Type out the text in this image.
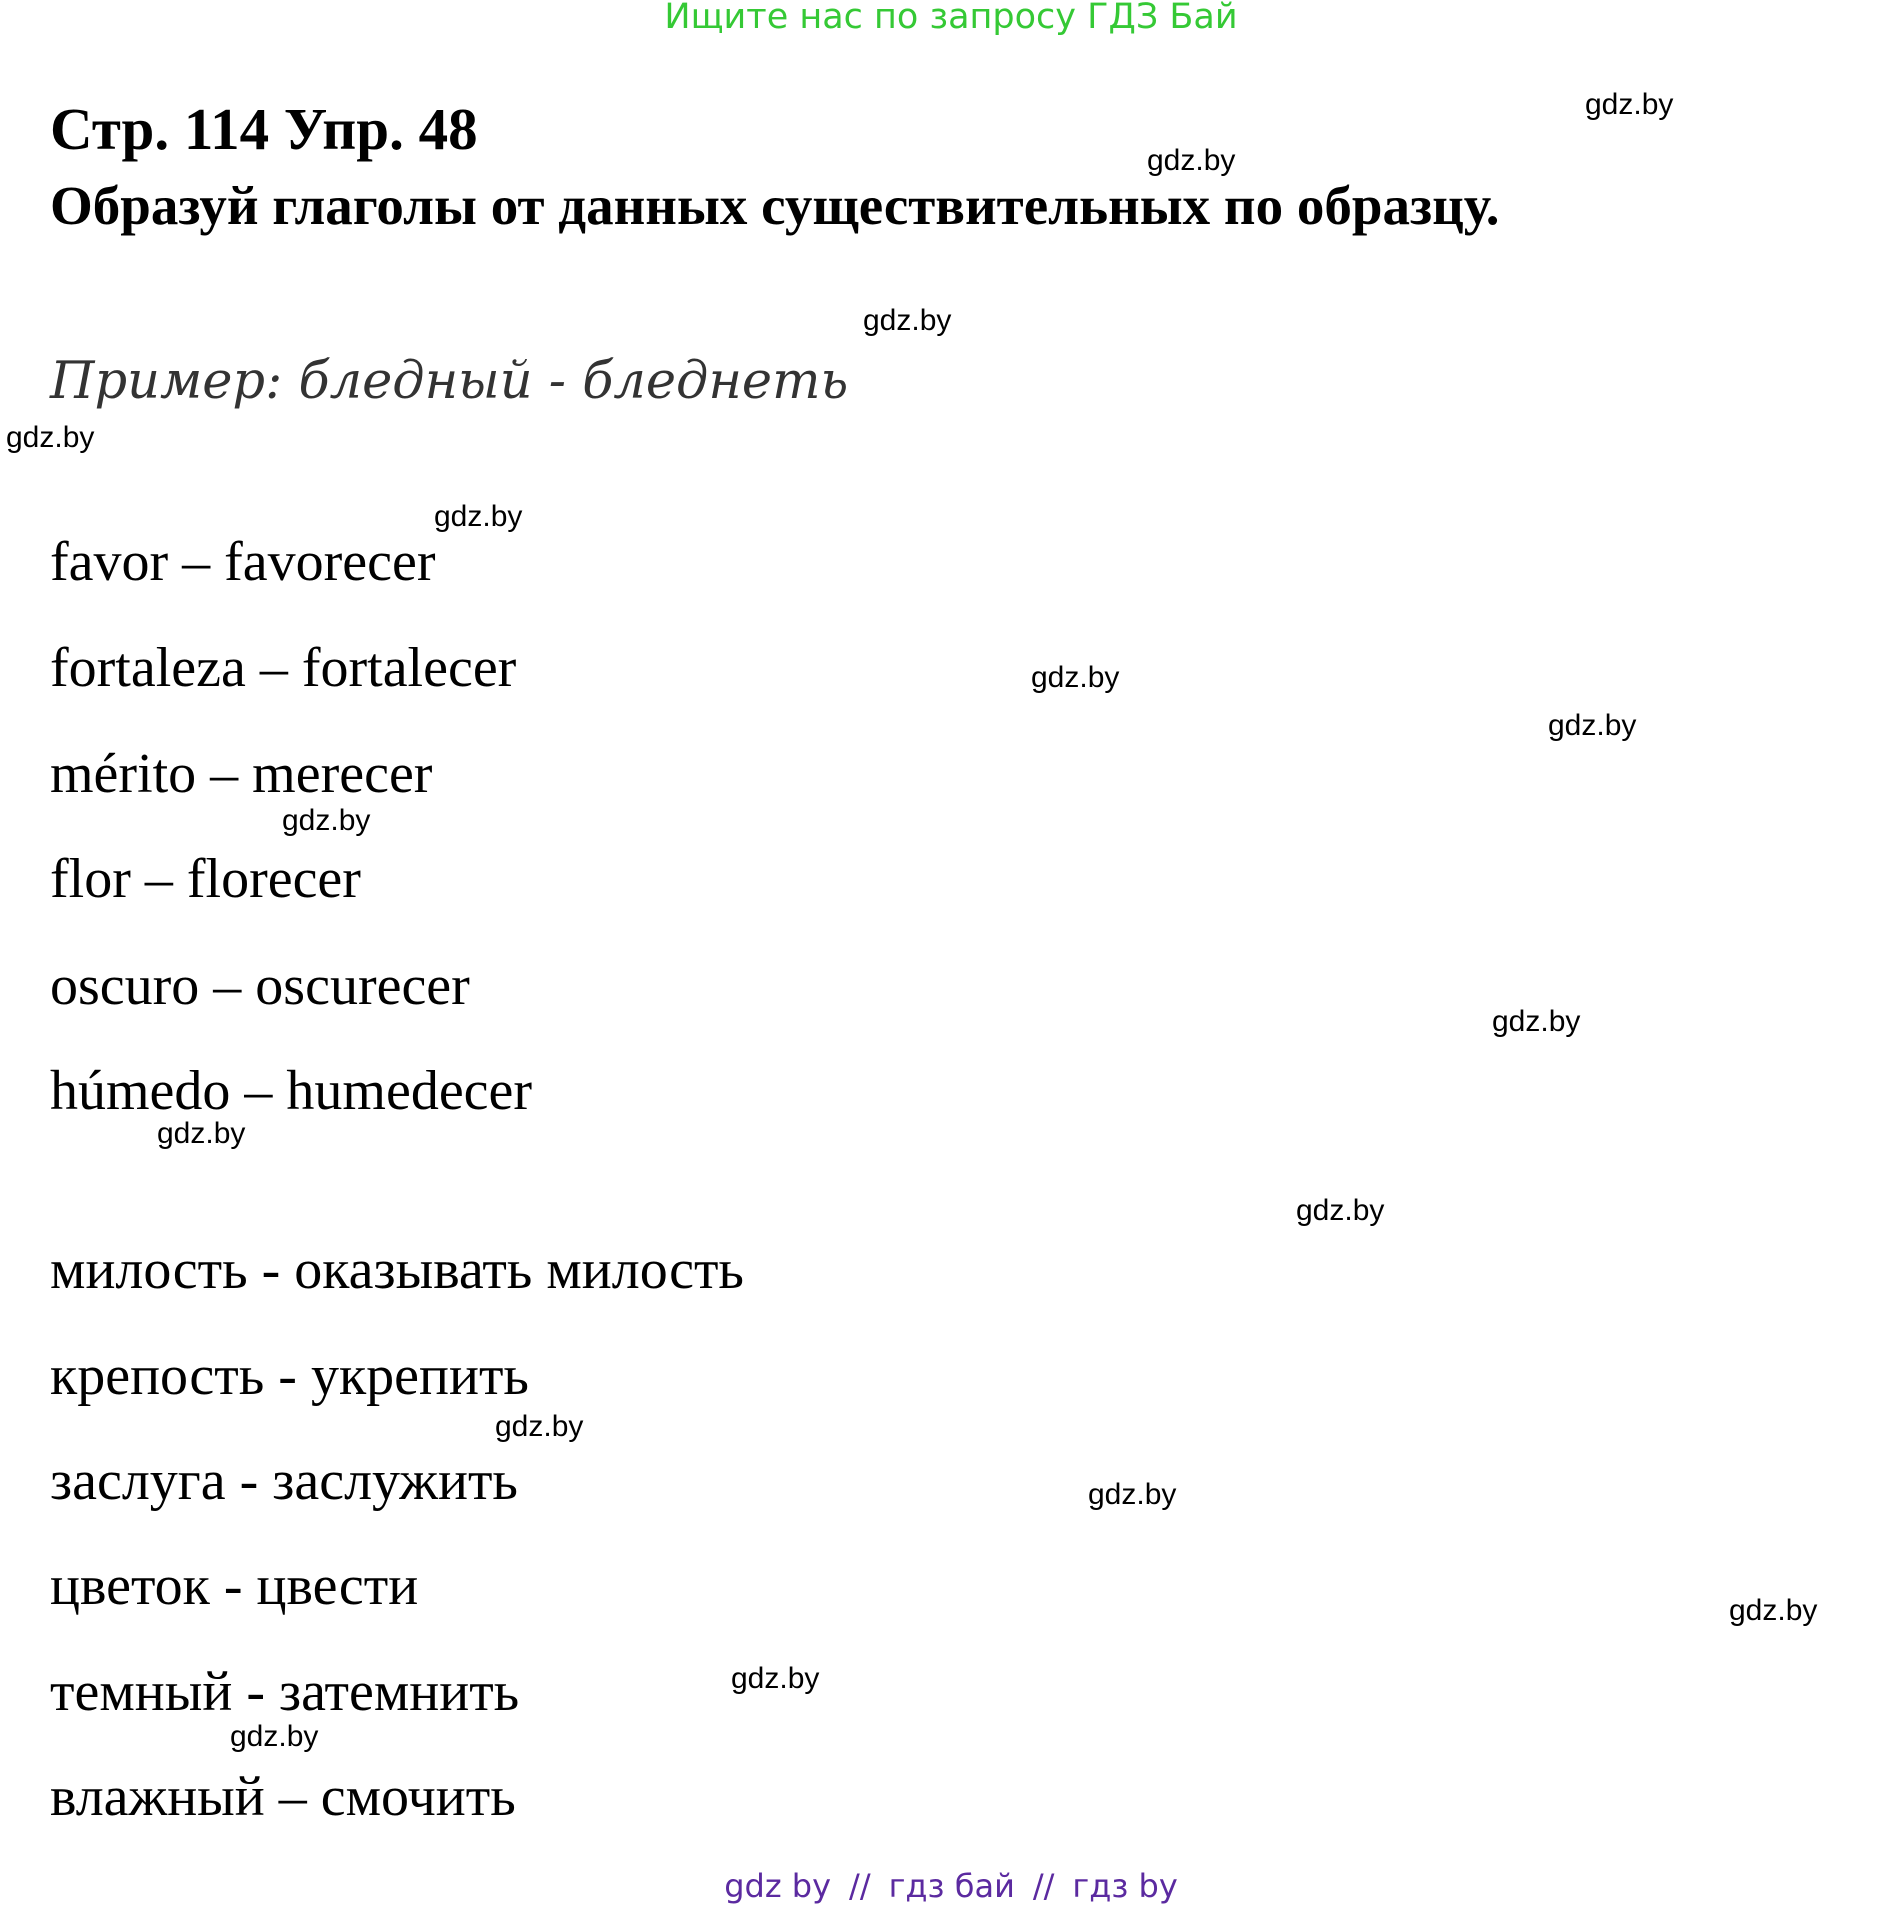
Ищите нас по запросу ГДЗ Бай
Стр. 114 Упр. 48
Образуй глаголы от данных существительных по образцу.
Пример: бледный - бледнеть
favor – favorecer
fortaleza – fortalecer
mérito – merecer
flor – florecer
oscuro – oscurecer
húmedo – humedecer
милость - оказывать милость
крепость - укрепить
заслуга - заслужить
цветок - цвести
темный - затемнить
влажный – смочить
gdz.by
gdz.by
gdz.by
gdz.by
gdz.by
gdz.by
gdz.by
gdz.by
gdz.by
gdz.by
gdz.by
gdz.by
gdz.by
gdz.by
gdz.by
gdz.by
gdz by // гдз бай // гдз by
